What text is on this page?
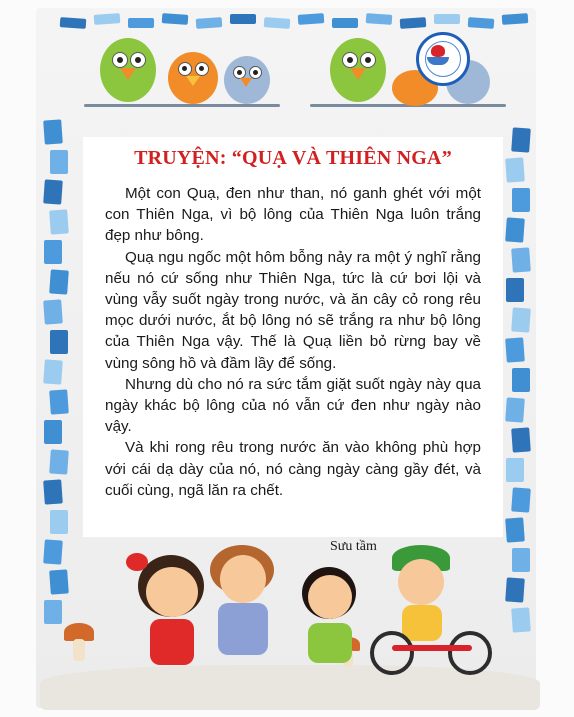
TRUYỆN: “QUẠ VÀ THIÊN NGA”

Một con Quạ, đen như than, nó ganh ghét với một con Thiên Nga, vì bộ lông của Thiên Nga luôn trắng đẹp như bông.

Quạ ngu ngốc một hôm bỗng nảy ra một ý nghĩ rằng nếu nó cứ sống như Thiên Nga, tức là cứ bơi lội và vùng vẫy suốt ngày trong nước, và ăn cây cỏ rong rêu mọc dưới nước, ắt bộ lông nó sẽ trắng ra như bộ lông của Thiên Nga vậy. Thế là Quạ liền bỏ rừng bay về vùng sông hồ và đầm lầy để sống.

Nhưng dù cho nó ra sức tắm giặt suốt ngày này qua ngày khác bộ lông của nó vẫn cứ đen như ngày nào vậy.

Và khi rong rêu trong nước ăn vào không phù hợp với cái dạ dày của nó, nó càng ngày càng gầy đét, và cuối cùng, ngã lăn ra chết.

Sưu tầm
